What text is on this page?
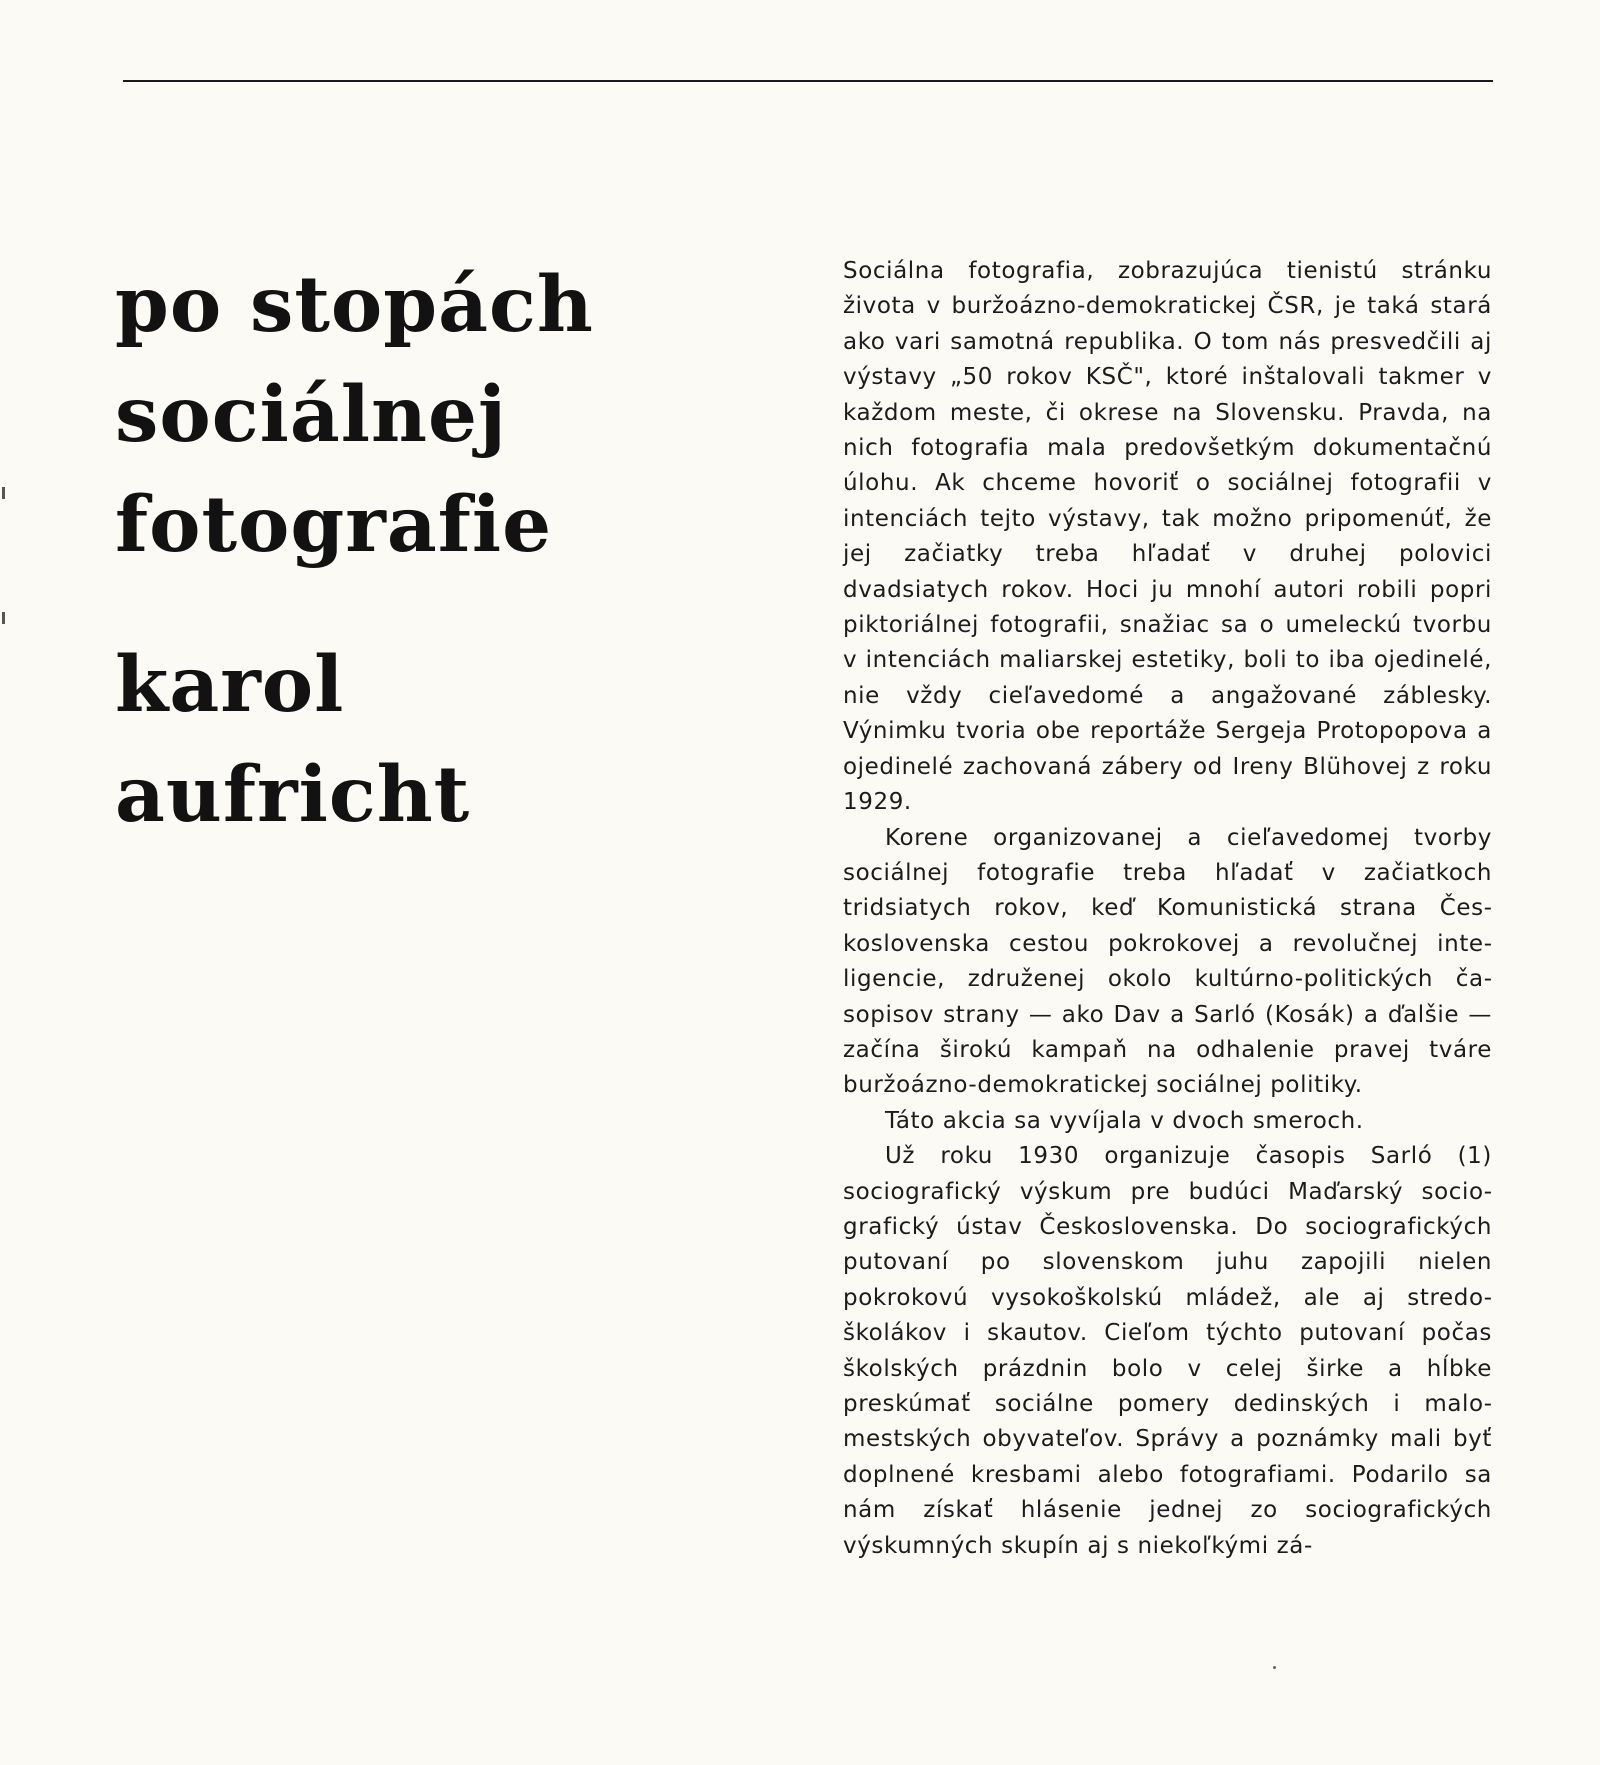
po stopách
sociálnej
fotografie
karol
aufricht

Sociálna fotografia, zobrazujúca tienistú stránku života v buržoázno-demokratickej ČSR, je taká stará ako vari samotná republika. O tom nás presvedčili aj výstavy „50 rokov KSČ", ktoré inštalovali takmer v každom meste, či okrese na Slovensku. Pravda, na nich fotografia mala predovšetkým dokumentačnú úlohu. Ak chceme hovoriť o sociálnej fotografii v intenciách tejto výstavy, tak možno pripomenúť, že jej začiatky treba hľadať v druhej polovici dvadsiatych rokov. Hoci ju mnohí autori robili popri piktoriálnej fotografii, snažiac sa o umeleckú tvorbu v intenciách maliarskej estetiky, boli to iba ojedinelé, nie vždy cieľavedomé a angažované záblesky. Výnimku tvoria obe reportáže Sergeja Protopopova a ojedinelé zachovaná zábery od Ireny Blühovej z roku 1929.

Korene organizovanej a cieľavedomej tvorby sociálnej fotografie treba hľadať v začiatkoch tridsiatych rokov, keď Komunistická strana Československa cestou pokrokovej a revolučnej inteligencie, združenej okolo kultúrno-politických časopisov strany — ako Dav a Sarló (Kosák) a ďalšie — začína širokú kampaň na odhalenie pravej tváre buržoázno-demokratickej sociálnej politiky.

Táto akcia sa vyvíjala v dvoch smeroch.

Už roku 1930 organizuje časopis Sarló (1) sociografický výskum pre budúci Maďarský sociografický ústav Československa. Do sociografických putovaní po slovenskom juhu zapojili nielen pokrokovú vysokoškolskú mládež, ale aj stredoškolákov i skautov. Cieľom týchto putovaní počas školských prázdnin bolo v celej širke a hĺbke preskúmať sociálne pomery dedinských i malomestských obyvateľov. Správy a poznámky mali byť doplnené kresbami alebo fotografiami. Podarilo sa nám získať hlásenie jednej zo sociografických výskumných skupín aj s niekoľkými zá-
